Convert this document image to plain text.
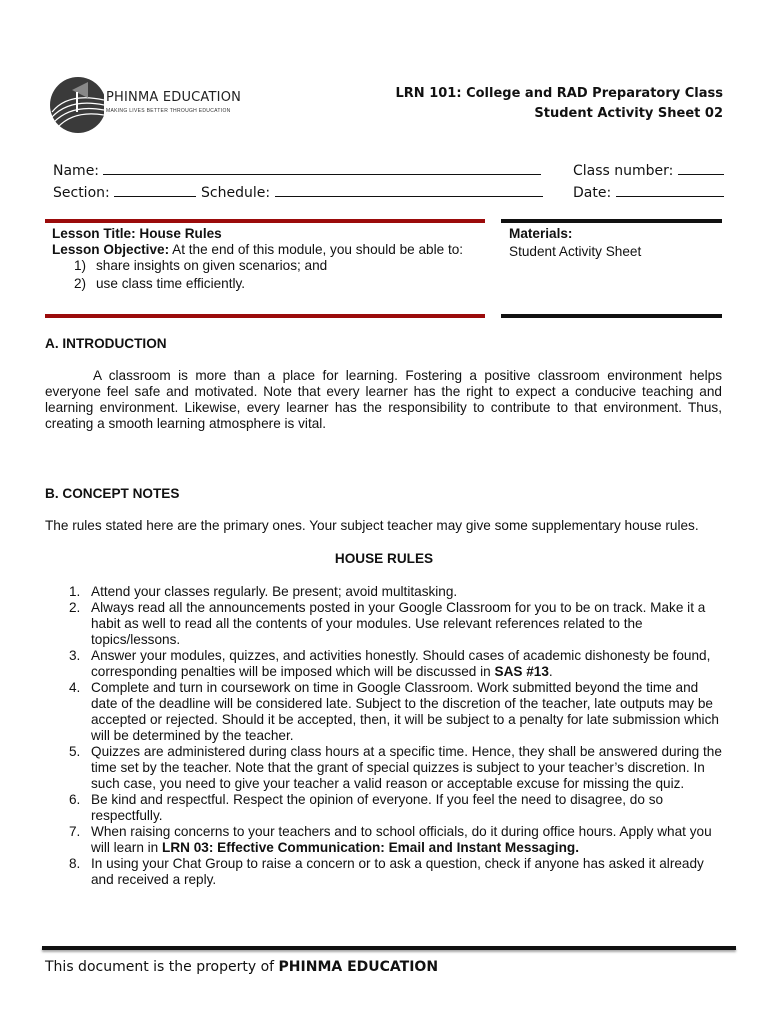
PHINMA EDUCATION
MAKING LIVES BETTER THROUGH EDUCATION
LRN 101: College and RAD Preparatory Class
Student Activity Sheet 02
Name:	Class number:
Section:	Schedule:	Date:
Lesson Title: House Rules
Lesson Objective: At the end of this module, you should be able to:
1) share insights on given scenarios; and
2) use class time efficiently.
Materials:
Student Activity Sheet
A. INTRODUCTION
A classroom is more than a place for learning. Fostering a positive classroom environment helps everyone feel safe and motivated. Note that every learner has the right to expect a conducive teaching and learning environment. Likewise, every learner has the responsibility to contribute to that environment. Thus, creating a smooth learning atmosphere is vital.
B. CONCEPT NOTES
The rules stated here are the primary ones. Your subject teacher may give some supplementary house rules.
HOUSE RULES
1. Attend your classes regularly. Be present; avoid multitasking.
2. Always read all the announcements posted in your Google Classroom for you to be on track. Make it a habit as well to read all the contents of your modules. Use relevant references related to the topics/lessons.
3. Answer your modules, quizzes, and activities honestly. Should cases of academic dishonesty be found, corresponding penalties will be imposed which will be discussed in SAS #13.
4. Complete and turn in coursework on time in Google Classroom. Work submitted beyond the time and date of the deadline will be considered late. Subject to the discretion of the teacher, late outputs may be accepted or rejected. Should it be accepted, then, it will be subject to a penalty for late submission which will be determined by the teacher.
5. Quizzes are administered during class hours at a specific time. Hence, they shall be answered during the time set by the teacher. Note that the grant of special quizzes is subject to your teacher’s discretion. In such case, you need to give your teacher a valid reason or acceptable excuse for missing the quiz.
6. Be kind and respectful. Respect the opinion of everyone. If you feel the need to disagree, do so respectfully.
7. When raising concerns to your teachers and to school officials, do it during office hours. Apply what you will learn in LRN 03: Effective Communication: Email and Instant Messaging.
8. In using your Chat Group to raise a concern or to ask a question, check if anyone has asked it already and received a reply.
This document is the property of PHINMA EDUCATION
